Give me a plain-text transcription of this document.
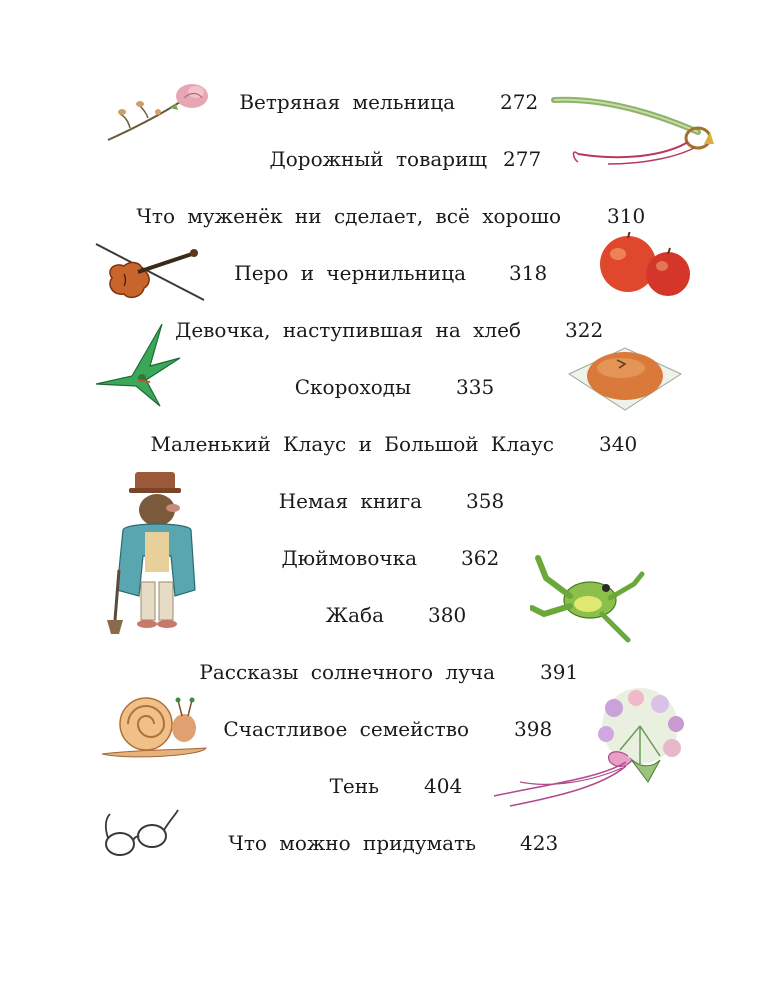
Ветряная мельница 272
Дорожный товарищ 277
Что муженёк ни сделает, всё хорошо 310
Перо и чернильница 318
Девочка, наступившая на хлеб 322
Скороходы 335
Маленький Клаус и Большой Клаус 340
Немая книга 358
Дюймовочка 362
Жаба 380
Рассказы солнечного луча 391
Счастливое семейство 398
Тень 404
Что можно придумать 423
